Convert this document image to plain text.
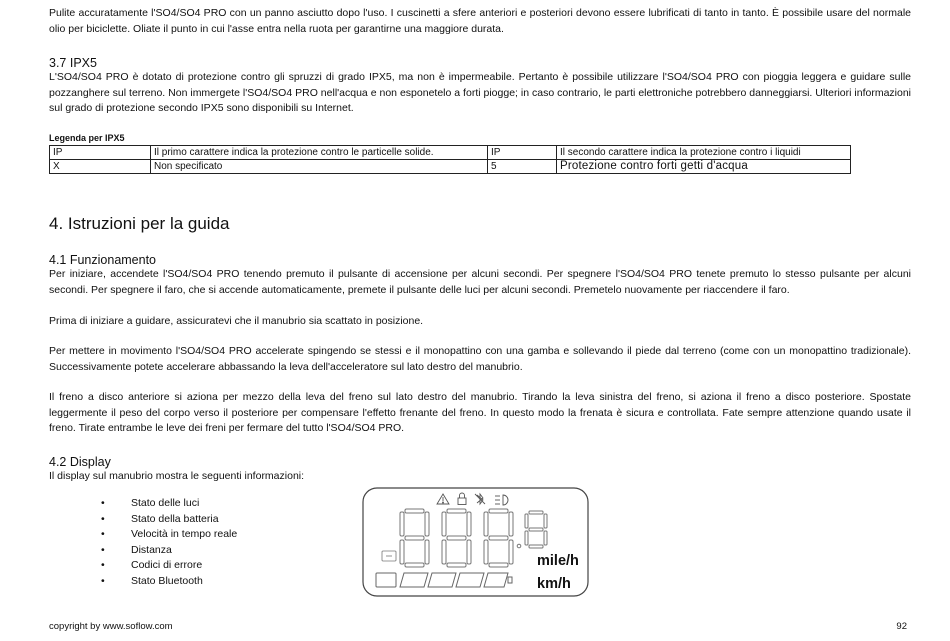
Pulite accuratamente l'SO4/SO4 PRO con un panno asciutto dopo l'uso. I cuscinetti a sfere anteriori e posteriori devono essere lubrificati di tanto in tanto. È possibile usare del normale olio per biciclette. Oliate il punto in cui l'asse entra nella ruota per garantirne una maggiore durata.

3.7 IPX5

L'SO4/SO4 PRO è dotato di protezione contro gli spruzzi di grado IPX5, ma non è impermeabile. Pertanto è possibile utilizzare l'SO4/SO4 PRO con pioggia leggera e guidare sulle pozzanghere sul terreno. Non immergete l'SO4/SO4 PRO nell'acqua e non esponetelo a forti piogge; in caso contrario, le parti elettroniche potrebbero danneggiarsi. Ulteriori informazioni sul grado di protezione secondo IPX5 sono disponibili su Internet.

Legenda per IPX5
IP	Il primo carattere indica la protezione contro le particelle solide.	IP	Il secondo carattere indica la protezione contro i liquidi
X	Non specificato	5	Protezione contro forti getti d'acqua
4. Istruzioni per la guida
4.1 Funzionamento

Per iniziare, accendete l'SO4/SO4 PRO tenendo premuto il pulsante di accensione per alcuni secondi. Per spegnere l'SO4/SO4 PRO tenete premuto lo stesso pulsante per alcuni secondi. Per spegnere il faro, che si accende automaticamente, premete il pulsante delle luci per alcuni secondi. Premetelo nuovamente per riaccendere il faro.

Prima di iniziare a guidare, assicuratevi che il manubrio sia scattato in posizione.

Per mettere in movimento l'SO4/SO4 PRO accelerate spingendo se stessi e il monopattino con una gamba e sollevando il piede dal terreno (come con un monopattino tradizionale). Successivamente potete accelerare abbassando la leva dell'acceleratore sul lato destro del manubrio.

Il freno a disco anteriore si aziona per mezzo della leva del freno sul lato destro del manubrio. Tirando la leva sinistra del freno, si aziona il freno a disco posteriore. Spostate leggermente il peso del corpo verso il posteriore per compensare l'effetto frenante del freno. In questo modo la frenata è sicura e controllata. Fate sempre attenzione quando usate il freno. Tirate entrambe le leve dei freni per fermare del tutto l'SO4/SO4 PRO.

4.2 Display

Il display sul manubrio mostra le seguenti informazioni:

• Stato delle luci
• Stato della batteria
• Velocità in tempo reale
• Distanza
• Codici di errore
• Stato Bluetooth
mile/h
km/h
copyright by www.soflow.com	92
